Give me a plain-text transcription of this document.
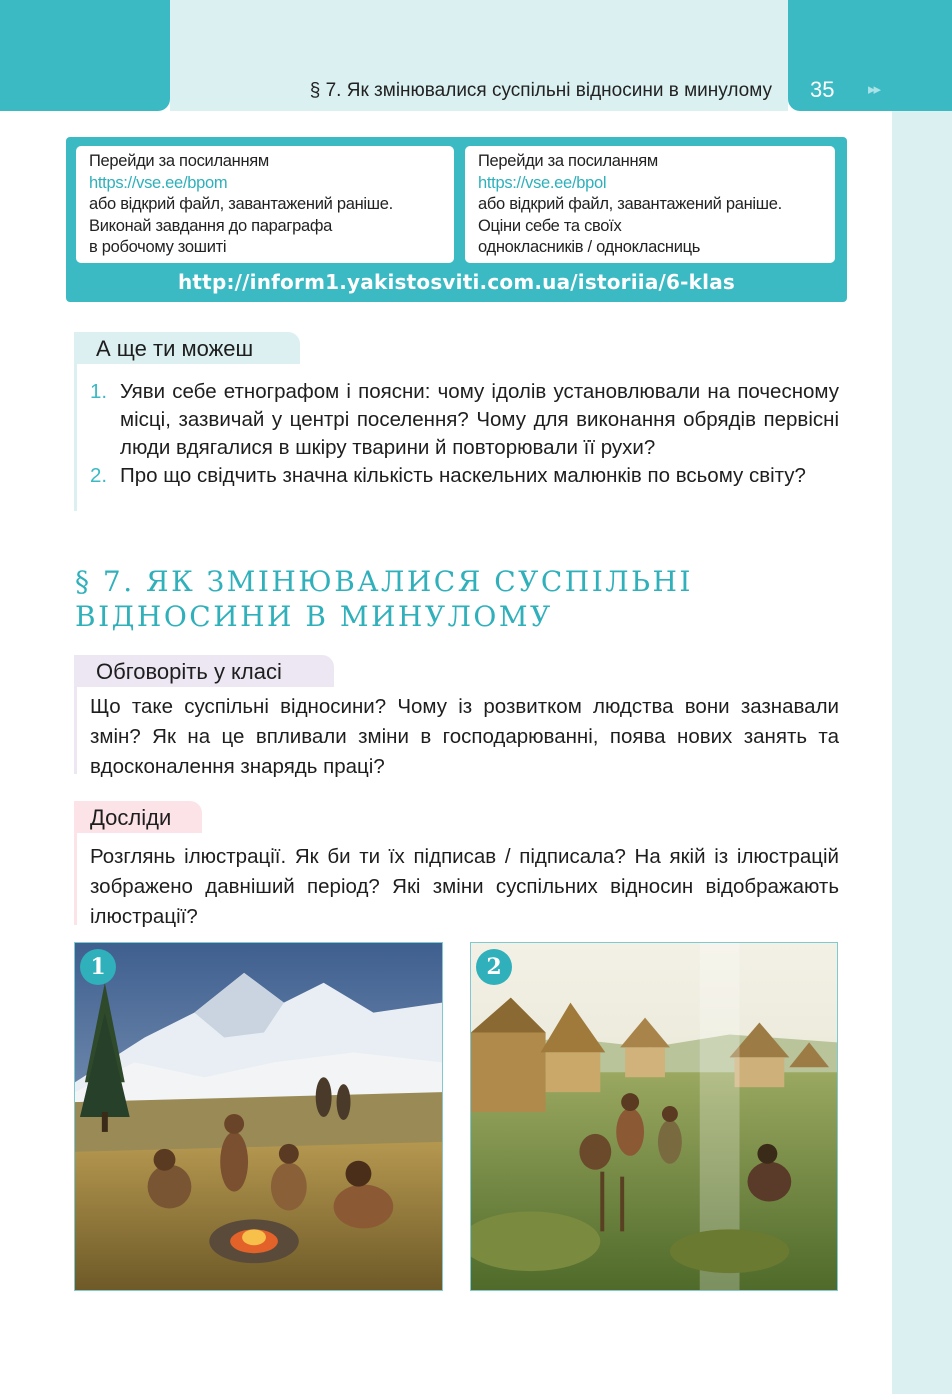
§ 7. Як змінювалися суспільні відносини в минулому 35 ▸▸
Перейди за посиланням
https://vse.ee/bpom
або відкрий файл, завантажений раніше.
Виконай завдання до параграфа
в робочому зошиті
Перейди за посиланням
https://vse.ee/bpol
або відкрий файл, завантажений раніше.
Оціни себе та своїх
однокласників / однокласниць
http://inform1.yakistosviti.com.ua/istoriia/6-klas
А ще ти можеш
1. Уяви себе етнографом і поясни: чому ідолів установлювали на почесному місці, зазвичай у центрі поселення? Чому для виконання обрядів первісні люди вдягалися в шкіру тварини й повторювали її рухи?
2. Про що свідчить значна кількість наскельних малюнків по всьому світу?
§ 7. ЯК ЗМІНЮВАЛИСЯ СУСПІЛЬНІ
ВІДНОСИНИ В МИНУЛОМУ
Обговоріть у класі
Що таке суспільні відносини? Чому із розвитком людства вони зазнавали змін? Як на це впливали зміни в господарюванні, поява нових занять та вдосконалення знарядь праці?
Досліди
Розглянь ілюстрації. Як би ти їх підписав / підписала? На якій із ілюстрацій зображено давніший період? Які зміни суспільних відносин відображають ілюстрації?
1	2
